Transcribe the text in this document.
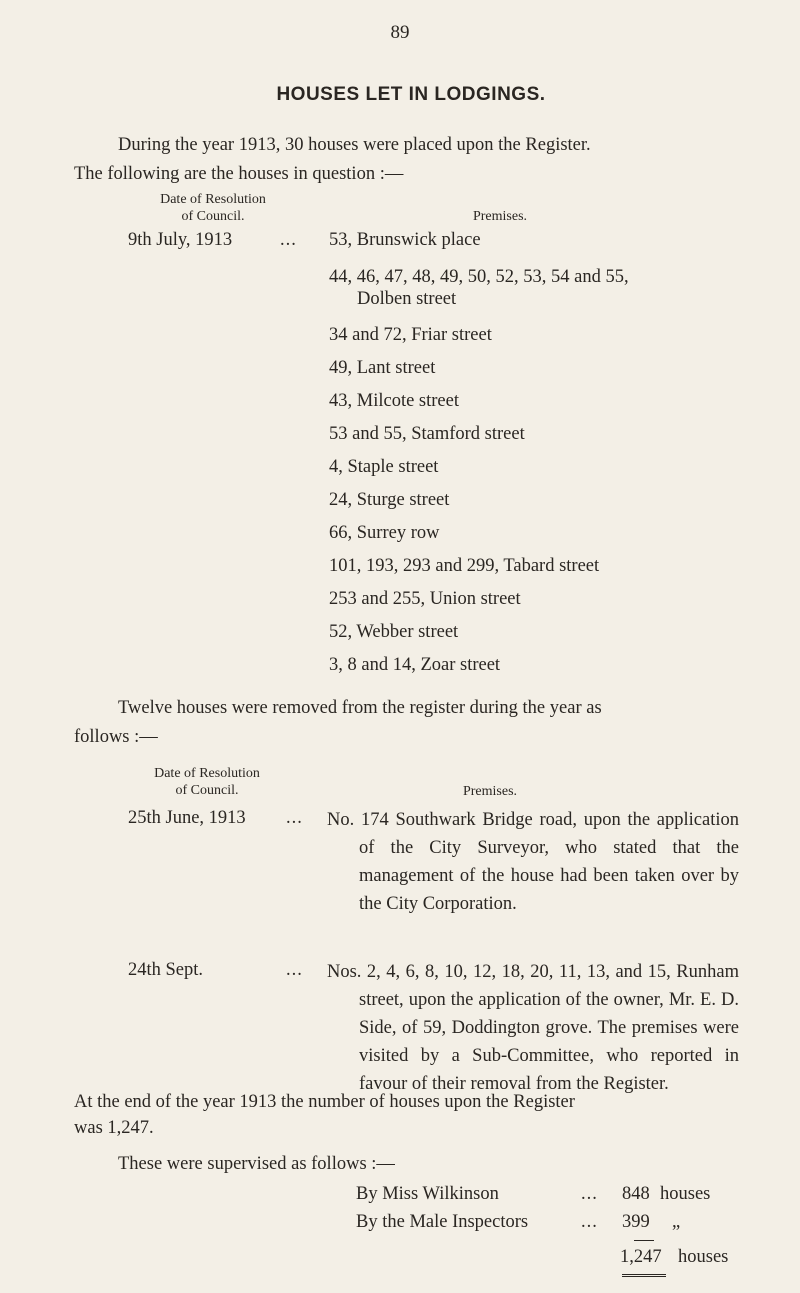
89
HOUSES LET IN LODGINGS.
During the year 1913, 30 houses were placed upon the Register.
The following are the houses in question :—
Date of Resolution
of Council.	Premises.
9th July, 1913	... 53, Brunswick place
44, 46, 47, 48, 49, 50, 52, 53, 54 and 55,
Dolben street
34 and 72, Friar street
49, Lant street
43, Milcote street
53 and 55, Stamford street
4, Staple street
24, Sturge street
66, Surrey row
101, 193, 293 and 299, Tabard street
253 and 255, Union street
52, Webber street
3, 8 and 14, Zoar street
Twelve houses were removed from the register during the year as
follows :—
Date of Resolution
of Council.	Premises.
25th June, 1913 ... No. 174 Southwark Bridge road, upon the application of the City Surveyor, who stated that the management of the house had been taken over by the City Corporation.
24th Sept.	... Nos. 2, 4, 6, 8, 10, 12, 18, 20, 11, 13, and 15, Runham street, upon the application of the owner, Mr. E. D. Side, of 59, Doddington grove. The premises were visited by a Sub-Committee, who reported in favour of their removal from the Register.
At the end of the year 1913 the number of houses upon the Register
was 1,247.
These were supervised as follows :—
By Miss Wilkinson	... 848 houses
By the Male Inspectors	... 399 „
1,247 houses
